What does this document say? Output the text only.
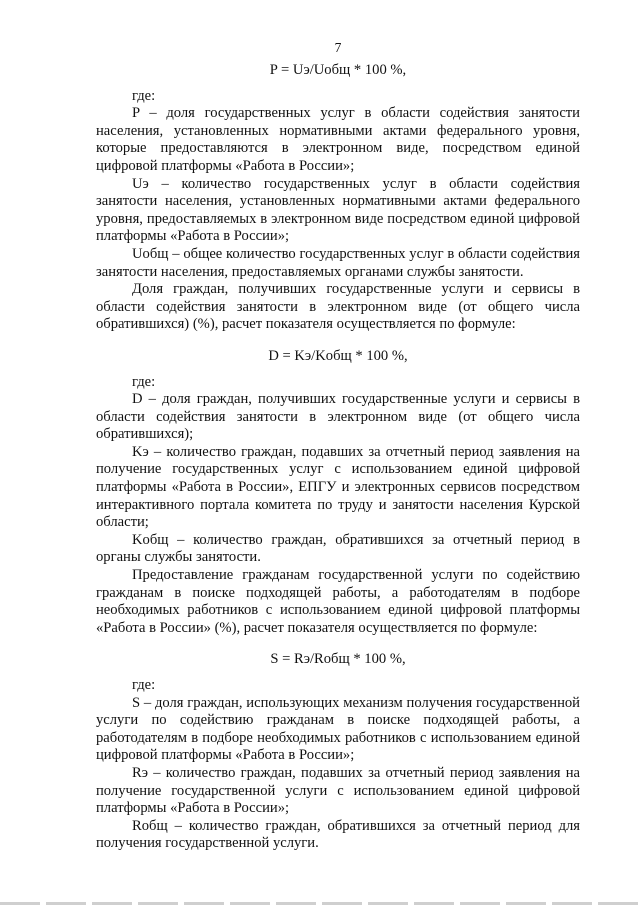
7

P = Uэ/Uобщ * 100 %,

где:

P – доля государственных услуг в области содействия занятости населения, установленных нормативными актами федерального уровня, которые предоставляются в электронном виде, посредством единой цифровой платформы «Работа в России»;

Uэ – количество государственных услуг в области содействия занятости населения, установленных нормативными актами федерального уровня, предоставляемых в электронном виде посредством единой цифровой платформы «Работа в России»;

Uобщ – общее количество государственных услуг в области содействия занятости населения, предоставляемых органами службы занятости.

Доля граждан, получивших государственные услуги и сервисы в области содействия занятости в электронном виде (от общего числа обратившихся) (%), расчет показателя осуществляется по формуле:

D = Kэ/Kобщ * 100 %,

где:

D – доля граждан, получивших государственные услуги и сервисы в области содействия занятости в электронном виде (от общего числа обратившихся);

Kэ – количество граждан, подавших за отчетный период заявления на получение государственных услуг с использованием единой цифровой платформы «Работа в России», ЕПГУ и электронных сервисов посредством интерактивного портала комитета по труду и занятости населения Курской области;

Kобщ – количество граждан, обратившихся за отчетный период в органы службы занятости.

Предоставление гражданам государственной услуги по содействию гражданам в поиске подходящей работы, а работодателям в подборе необходимых работников с использованием единой цифровой платформы «Работа в России» (%), расчет показателя осуществляется по формуле:

S = Rэ/Rобщ * 100 %,

где:

S – доля граждан, использующих механизм получения государственной услуги по содействию гражданам в поиске подходящей работы, а работодателям в подборе необходимых работников с использованием единой цифровой платформы «Работа в России»;

Rэ – количество граждан, подавших за отчетный период заявления на получение государственной услуги с использованием единой цифровой платформы «Работа в России»;

Rобщ – количество граждан, обратившихся за отчетный период для получения государственной услуги.
